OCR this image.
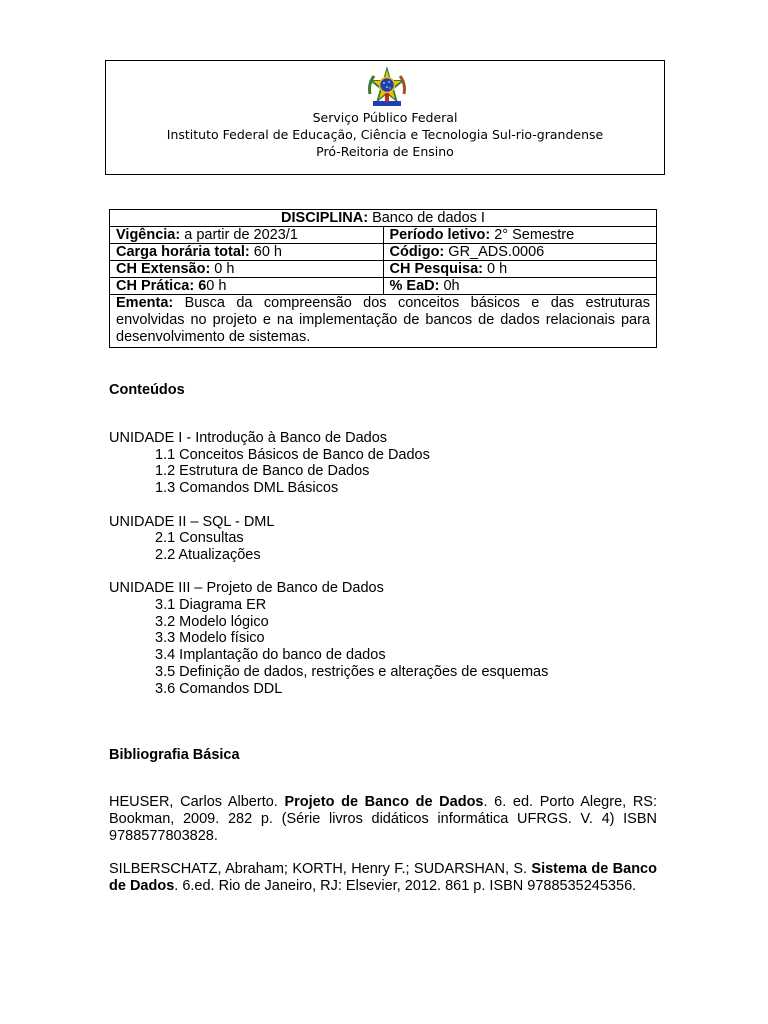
Serviço Público Federal
Instituto Federal de Educação, Ciência e Tecnologia Sul-rio-grandense
Pró-Reitoria de Ensino
DISCIPLINA: Banco de dados I	
Vigência: a partir de 2023/1	Período letivo: 2° Semestre
Carga horária total: 60 h	Código: GR_ADS.0006
CH Extensão: 0 h	CH Pesquisa: 0 h
CH Prática: 60 h	% EaD: 0h
Ementa: Busca da compreensão dos conceitos básicos e das estruturas envolvidas no projeto e na implementação de bancos de dados relacionais para desenvolvimento de sistemas.	
Conteúdos
UNIDADE I - Introdução à Banco de Dados
1.1 Conceitos Básicos de Banco de Dados
1.2 Estrutura de Banco de Dados
1.3 Comandos DML Básicos
UNIDADE II – SQL - DML
2.1 Consultas
2.2 Atualizações
UNIDADE III – Projeto de Banco de Dados
3.1 Diagrama ER
3.2 Modelo lógico
3.3 Modelo físico
3.4 Implantação do banco de dados
3.5 Definição de dados, restrições e alterações de esquemas
3.6 Comandos DDL
Bibliografia Básica
HEUSER, Carlos Alberto. Projeto de Banco de Dados. 6. ed. Porto Alegre, RS: Bookman, 2009. 282 p. (Série livros didáticos informática UFRGS. V. 4) ISBN 9788577803828.
SILBERSCHATZ, Abraham; KORTH, Henry F.; SUDARSHAN, S. Sistema de Banco de Dados. 6.ed. Rio de Janeiro, RJ: Elsevier, 2012. 861 p. ISBN 9788535245356.
